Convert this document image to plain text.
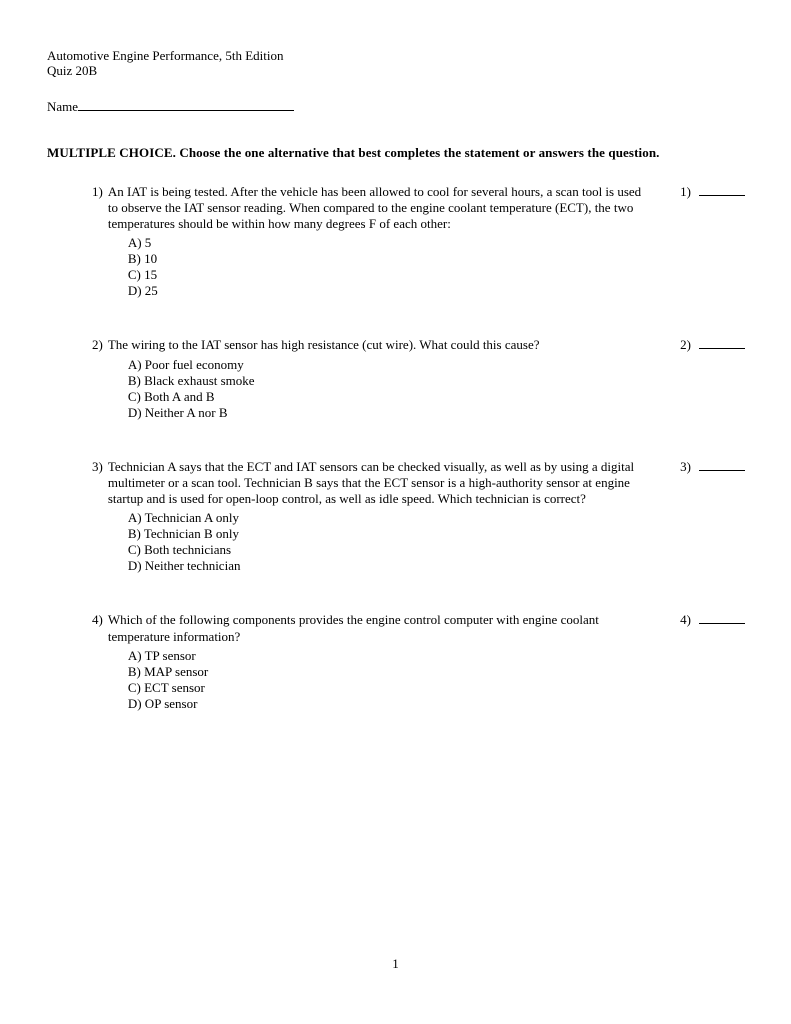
Automotive Engine Performance, 5th Edition
Quiz 20B
Name
MULTIPLE CHOICE. Choose the one alternative that best completes the statement or answers the question.
1) An IAT is being tested. After the vehicle has been allowed to cool for several hours, a scan tool is used to observe the IAT sensor reading. When compared to the engine coolant temperature (ECT), the two temperatures should be within how many degrees F of each other:
A) 5
B) 10
C) 15
D) 25
1)
2) The wiring to the IAT sensor has high resistance (cut wire). What could this cause?
A) Poor fuel economy
B) Black exhaust smoke
C) Both A and B
D) Neither A nor B
2)
3) Technician A says that the ECT and IAT sensors can be checked visually, as well as by using a digital multimeter or a scan tool. Technician B says that the ECT sensor is a high-authority sensor at engine startup and is used for open-loop control, as well as idle speed. Which technician is correct?
A) Technician A only
B) Technician B only
C) Both technicians
D) Neither technician
3)
4) Which of the following components provides the engine control computer with engine coolant temperature information?
A) TP sensor
B) MAP sensor
C) ECT sensor
D) OP sensor
4)
1
